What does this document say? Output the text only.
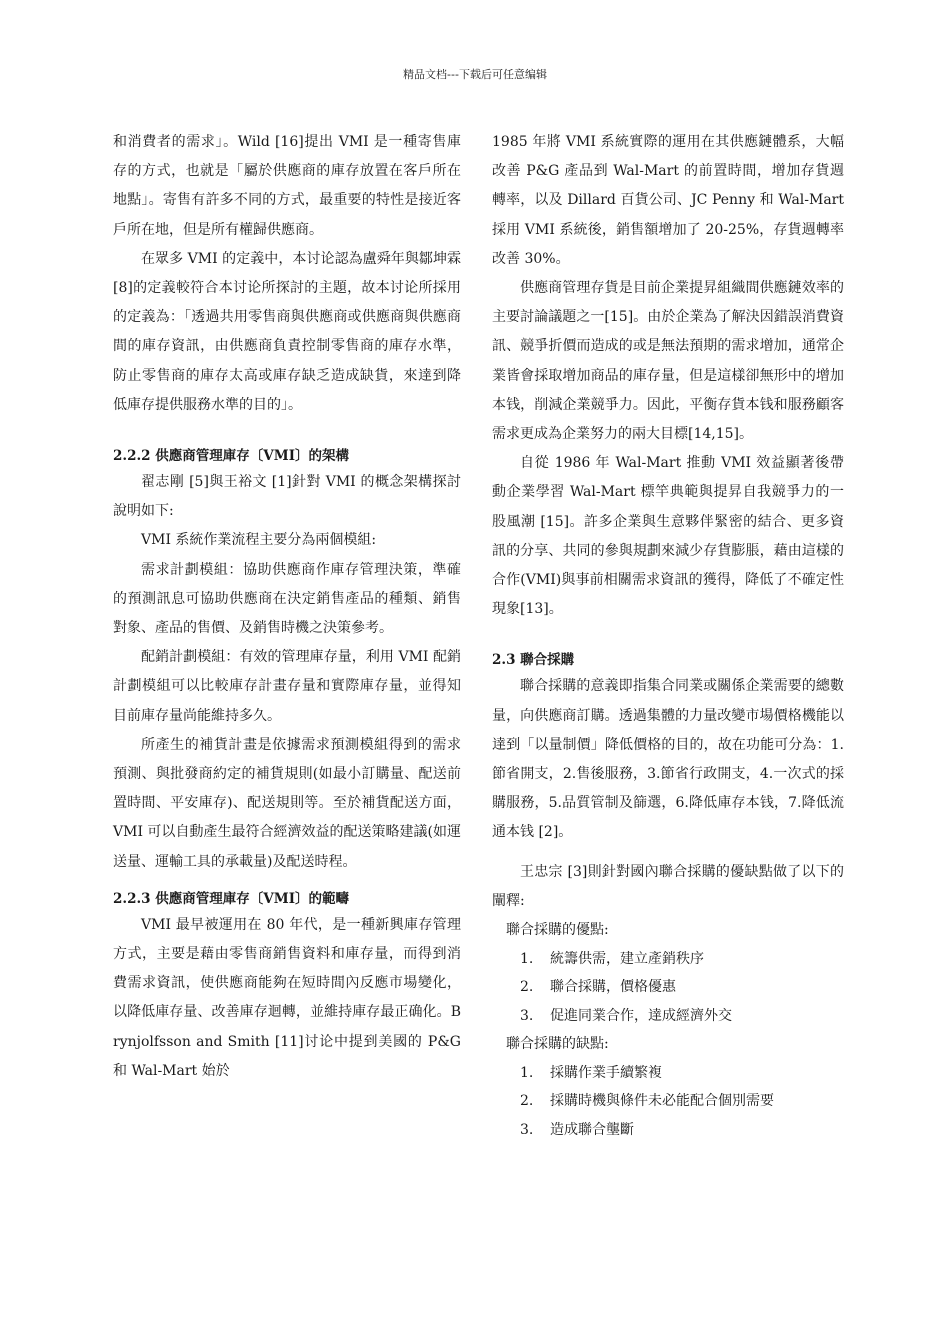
精品文档---下载后可任意编辑

和消費者的需求」。Wild [16]提出 VMI 是一種寄售庫存的方式，也就是「屬於供應商的庫存放置在客戶所在地點」。寄售有許多不同的方式，最重要的特性是接近客戶所在地，但是所有權歸供應商。

在眾多 VMI 的定義中，本讨论認為盧舜年與鄒坤霖 [8]的定義較符合本讨论所探討的主題，故本讨论所採用的定義為：「透過共用零售商與供應商或供應商與供應商間的庫存資訊，由供應商負責控制零售商的庫存水準，防止零售商的庫存太高或庫存缺乏造成缺貨，來達到降低庫存提供服務水準的目的」。

2.2.2 供應商管理庫存〔VMI〕的架構

翟志剛 [5]與王裕文 [1]針對 VMI 的概念架構探討說明如下:

VMI 系統作業流程主要分為兩個模組:

需求計劃模組：協助供應商作庫存管理決策，準確的預測訊息可協助供應商在決定銷售產品的種類、銷售對象、產品的售價、及銷售時機之決策參考。

配銷計劃模組：有效的管理庫存量，利用 VMI 配銷計劃模組可以比較庫存計畫存量和實際庫存量，並得知目前庫存量尚能維持多久。

所產生的補貨計畫是依據需求預測模組得到的需求預測、與批發商約定的補貨規則(如最小訂購量、配送前置時間、平安庫存)、配送規則等。至於補貨配送方面，VMI 可以自動產生最符合經濟效益的配送策略建議(如運送量、運輸工具的承載量)及配送時程。

2.2.3 供應商管理庫存〔VMI〕的範疇

VMI 最早被運用在 80 年代，是一種新興庫存管理方式，主要是藉由零售商銷售資料和庫存量，而得到消費需求資訊，使供應商能夠在短時間內反應市場變化，以降低庫存量、改善庫存迴轉，並維持庫存最正确化。Brynjolfsson and Smith [11]讨论中提到美國的 P&G 和 Wal-Mart 始於

1985 年將 VMI 系統實際的運用在其供應鏈體系，大幅改善 P&G 產品到 Wal-Mart 的前置時間，增加存貨週轉率，以及 Dillard 百貨公司、JC Penny 和 Wal-Mart 採用 VMI 系統後，銷售額增加了 20-25%，存貨週轉率改善 30%。

供應商管理存貨是目前企業提昇組織間供應鏈效率的主要討論議題之一[15]。由於企業為了解決因錯誤消費資訊、競爭折價而造成的或是無法預期的需求增加，通常企業皆會採取增加商品的庫存量，但是這樣卻無形中的增加本钱，削減企業競爭力。因此，平衡存貨本钱和服務顧客需求更成為企業努力的兩大目標[14,15]。

自從 1986 年 Wal-Mart 推動 VMI 效益顯著後帶動企業學習 Wal-Mart 標竿典範與提昇自我競爭力的一股風潮 [15]。許多企業與生意夥伴緊密的結合、更多資訊的分享、共同的參與規劃來減少存貨膨脹，藉由這樣的合作(VMI)與事前相關需求資訊的獲得，降低了不確定性現象[13]。

2.3 聯合採購

聯合採購的意義即指集合同業或關係企業需要的總數量，向供應商訂購。透過集體的力量改變市場價格機能以達到「以量制價」降低價格的目的，故在功能可分為：1.節省開支，2.售後服務，3.節省行政開支，4.一次式的採購服務，5.品質管制及篩選，6.降低庫存本钱，7.降低流通本钱 [2]。

王忠宗 [3]則針對國內聯合採購的優缺點做了以下的闡釋:

聯合採購的優點:
1.	統籌供需，建立產銷秩序
2.	聯合採購，價格優惠
3.	促進同業合作，達成經濟外交
聯合採購的缺點:
1.	採購作業手續繁複
2.	採購時機與條件未必能配合個別需要
3.	造成聯合壟斷
